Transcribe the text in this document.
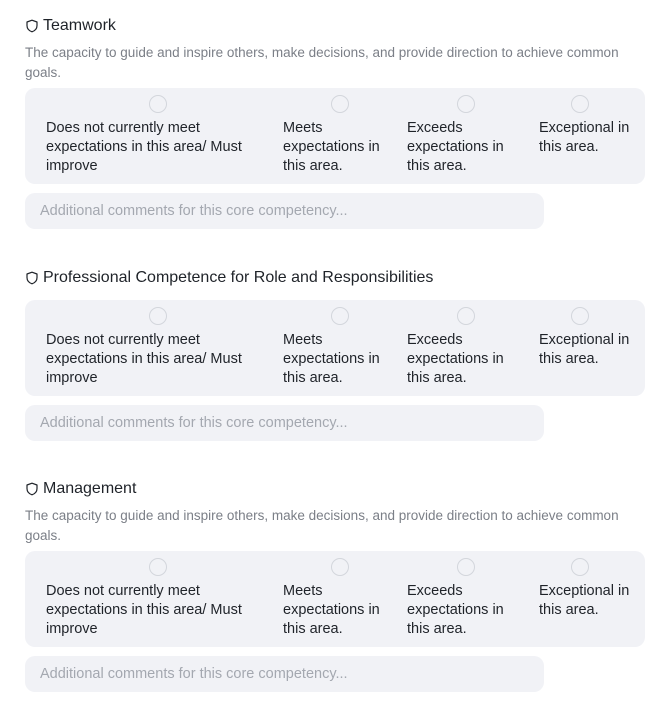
Teamwork
The capacity to guide and inspire others, make decisions, and provide direction to achieve common goals.
Does not currently meet expectations in this area/ Must improve
Meets expectations in this area.
Exceeds expectations in this area.
Exceptional in this area.
Additional comments for this core competency...
Professional Competence for Role and Responsibilities
Does not currently meet expectations in this area/ Must improve
Meets expectations in this area.
Exceeds expectations in this area.
Exceptional in this area.
Additional comments for this core competency...
Management
The capacity to guide and inspire others, make decisions, and provide direction to achieve common goals.
Does not currently meet expectations in this area/ Must improve
Meets expectations in this area.
Exceeds expectations in this area.
Exceptional in this area.
Additional comments for this core competency...
